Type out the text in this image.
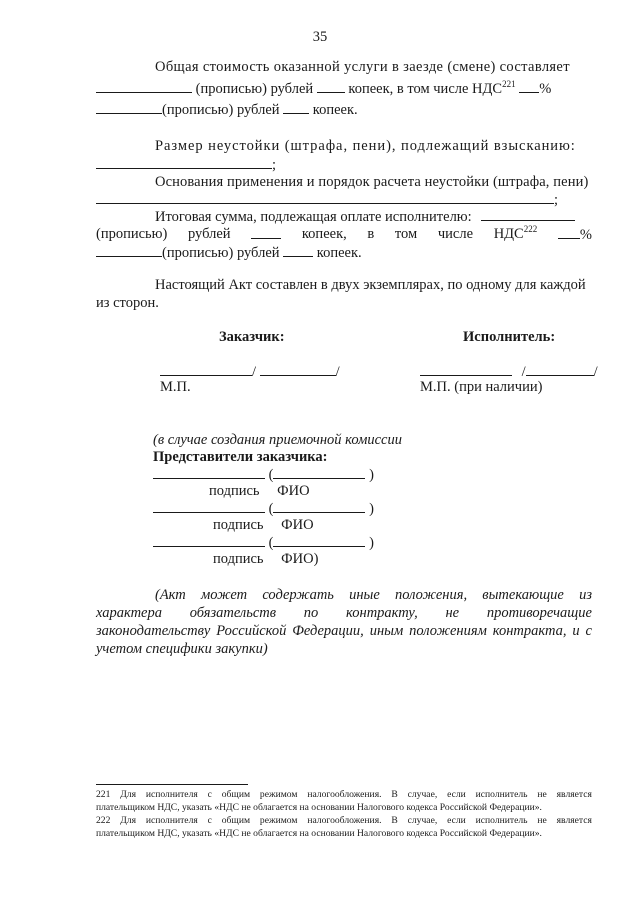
35
Общая стоимость оказанной услуги в заезде (смене) составляет
(прописью) рублей копеек, в том числе НДС$^{221}$ %
(прописью) рублей копеек.
Размер неустойки (штрафа, пени), подлежащий взысканию:
;
Основания применения и порядок расчета неустойки (штрафа, пени)
;
Итоговая сумма, подлежащая оплате исполнителю:
(прописью) рублей	копеек, в том числе НДС$^{222}$	%
(прописью) рублей	копеек.
Настоящий Акт составлен в двух экземплярах, по одному для каждой
из сторон.
Заказчик:	Исполнитель:
/	/	/	/
М.П.	М.П. (при наличии)
(в случае создания приемочной комиссии
Представители заказчика:
(	)
подпись ФИО
(	)
подпись ФИО
(	)
подпись ФИО)
(Акт может содержать иные положения, вытекающие из
характера обязательств по контракту, не противоречащие
законодательству Российской Федерации, иным положениям контракта, и с
учетом специфики закупки)
221 Для исполнителя с общим режимом налогообложения. В случае, если исполнитель не является
плательщиком НДС, указать «НДС не облагается на основании Налогового кодекса Российской Федерации».
222 Для исполнителя с общим режимом налогообложения. В случае, если исполнитель не является
плательщиком НДС, указать «НДС не облагается на основании Налогового кодекса Российской Федерации».
